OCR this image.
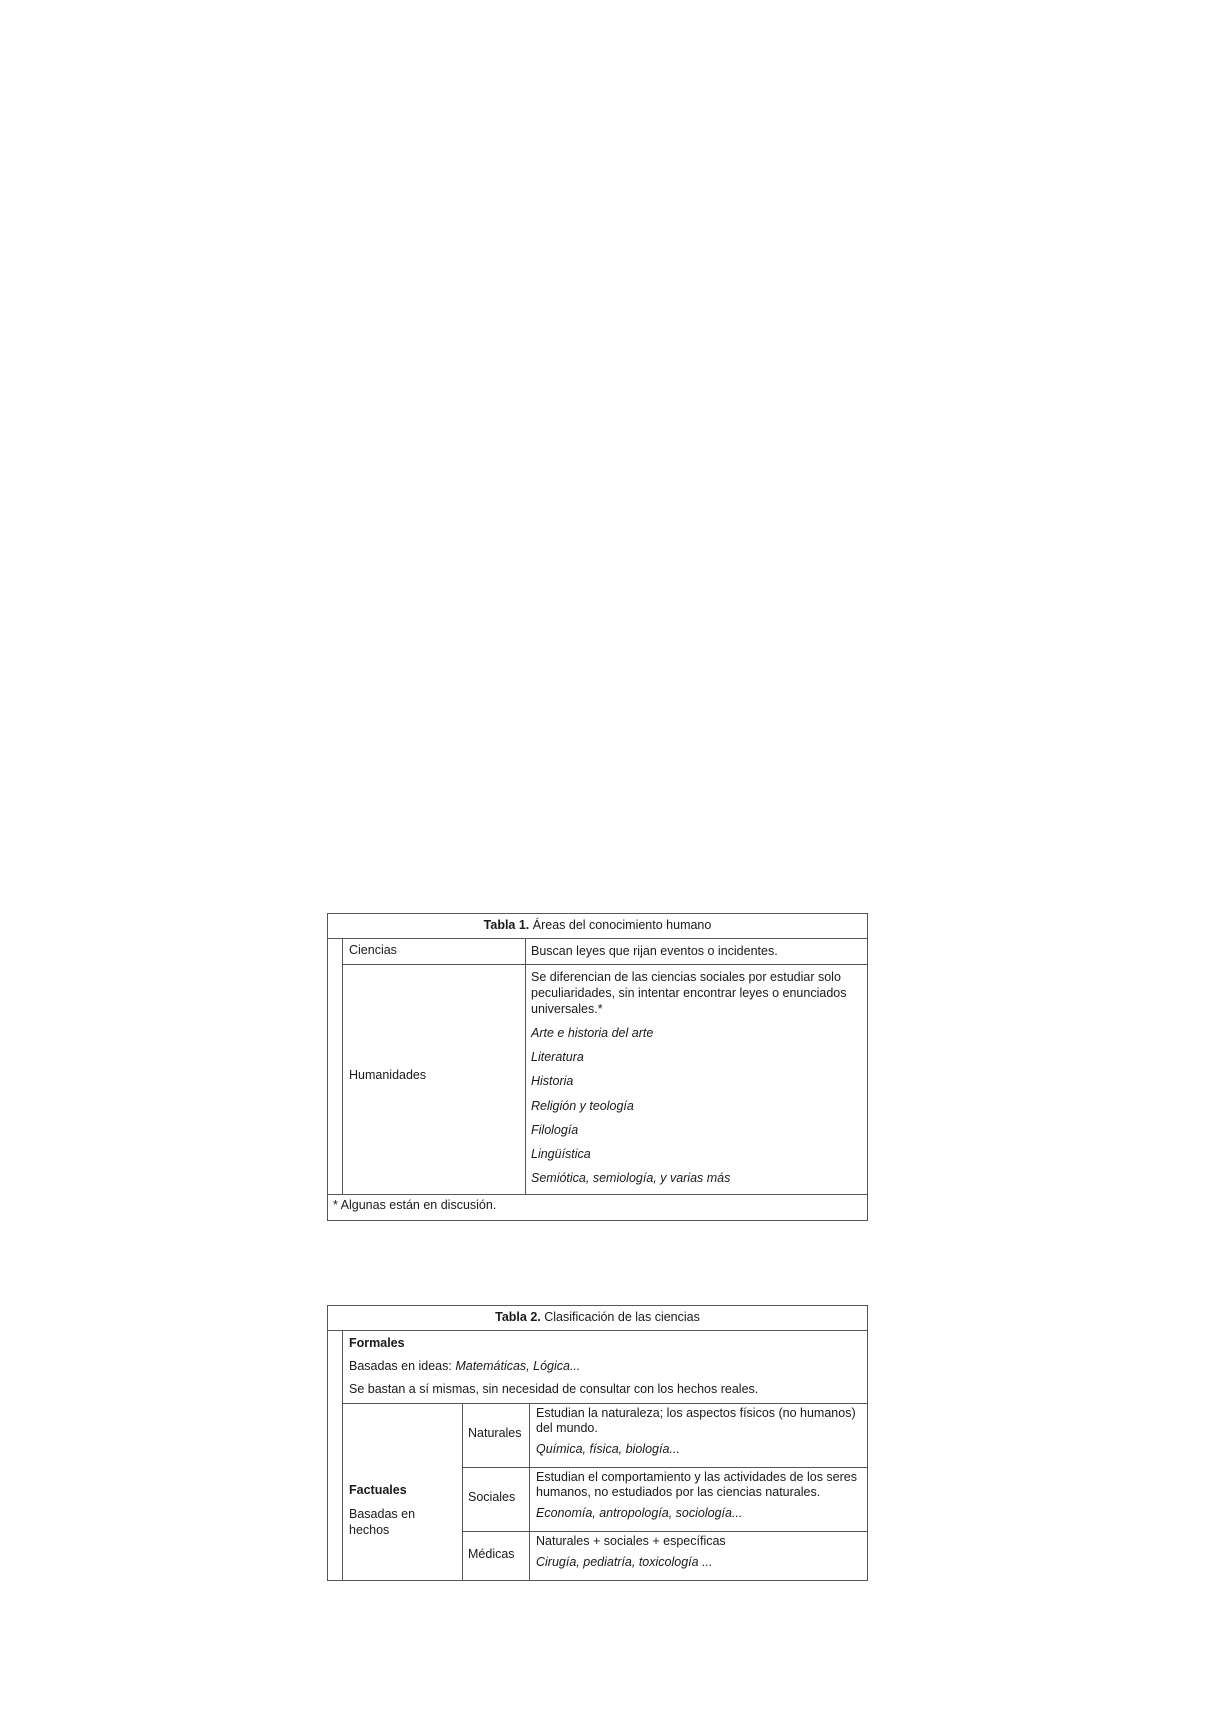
Tabla 1. Áreas del conocimiento humano
Ciencias	Buscan leyes que rijan eventos o incidentes.
Humanidades
Se diferencian de las ciencias sociales por estudiar solo peculiaridades, sin intentar encontrar leyes o enunciados universales.*
Arte e historia del arte
Literatura
Historia
Religión y teología
Filología
Lingüística
Semiótica, semiología, y varias más
* Algunas están en discusión.
Tabla 2. Clasificación de las ciencias
Formales
Basadas en ideas: Matemáticas, Lógica...
Se bastan a sí mismas, sin necesidad de consultar con los hechos reales.
Factuales
Basadas en hechos
Naturales
Estudian la naturaleza; los aspectos físicos (no humanos) del mundo.
Química, física, biología...
Sociales
Estudian el comportamiento y las actividades de los seres humanos, no estudiados por las ciencias naturales.
Economía, antropología, sociología...
Médicas
Naturales + sociales + específicas
Cirugía, pediatría, toxicología ...
